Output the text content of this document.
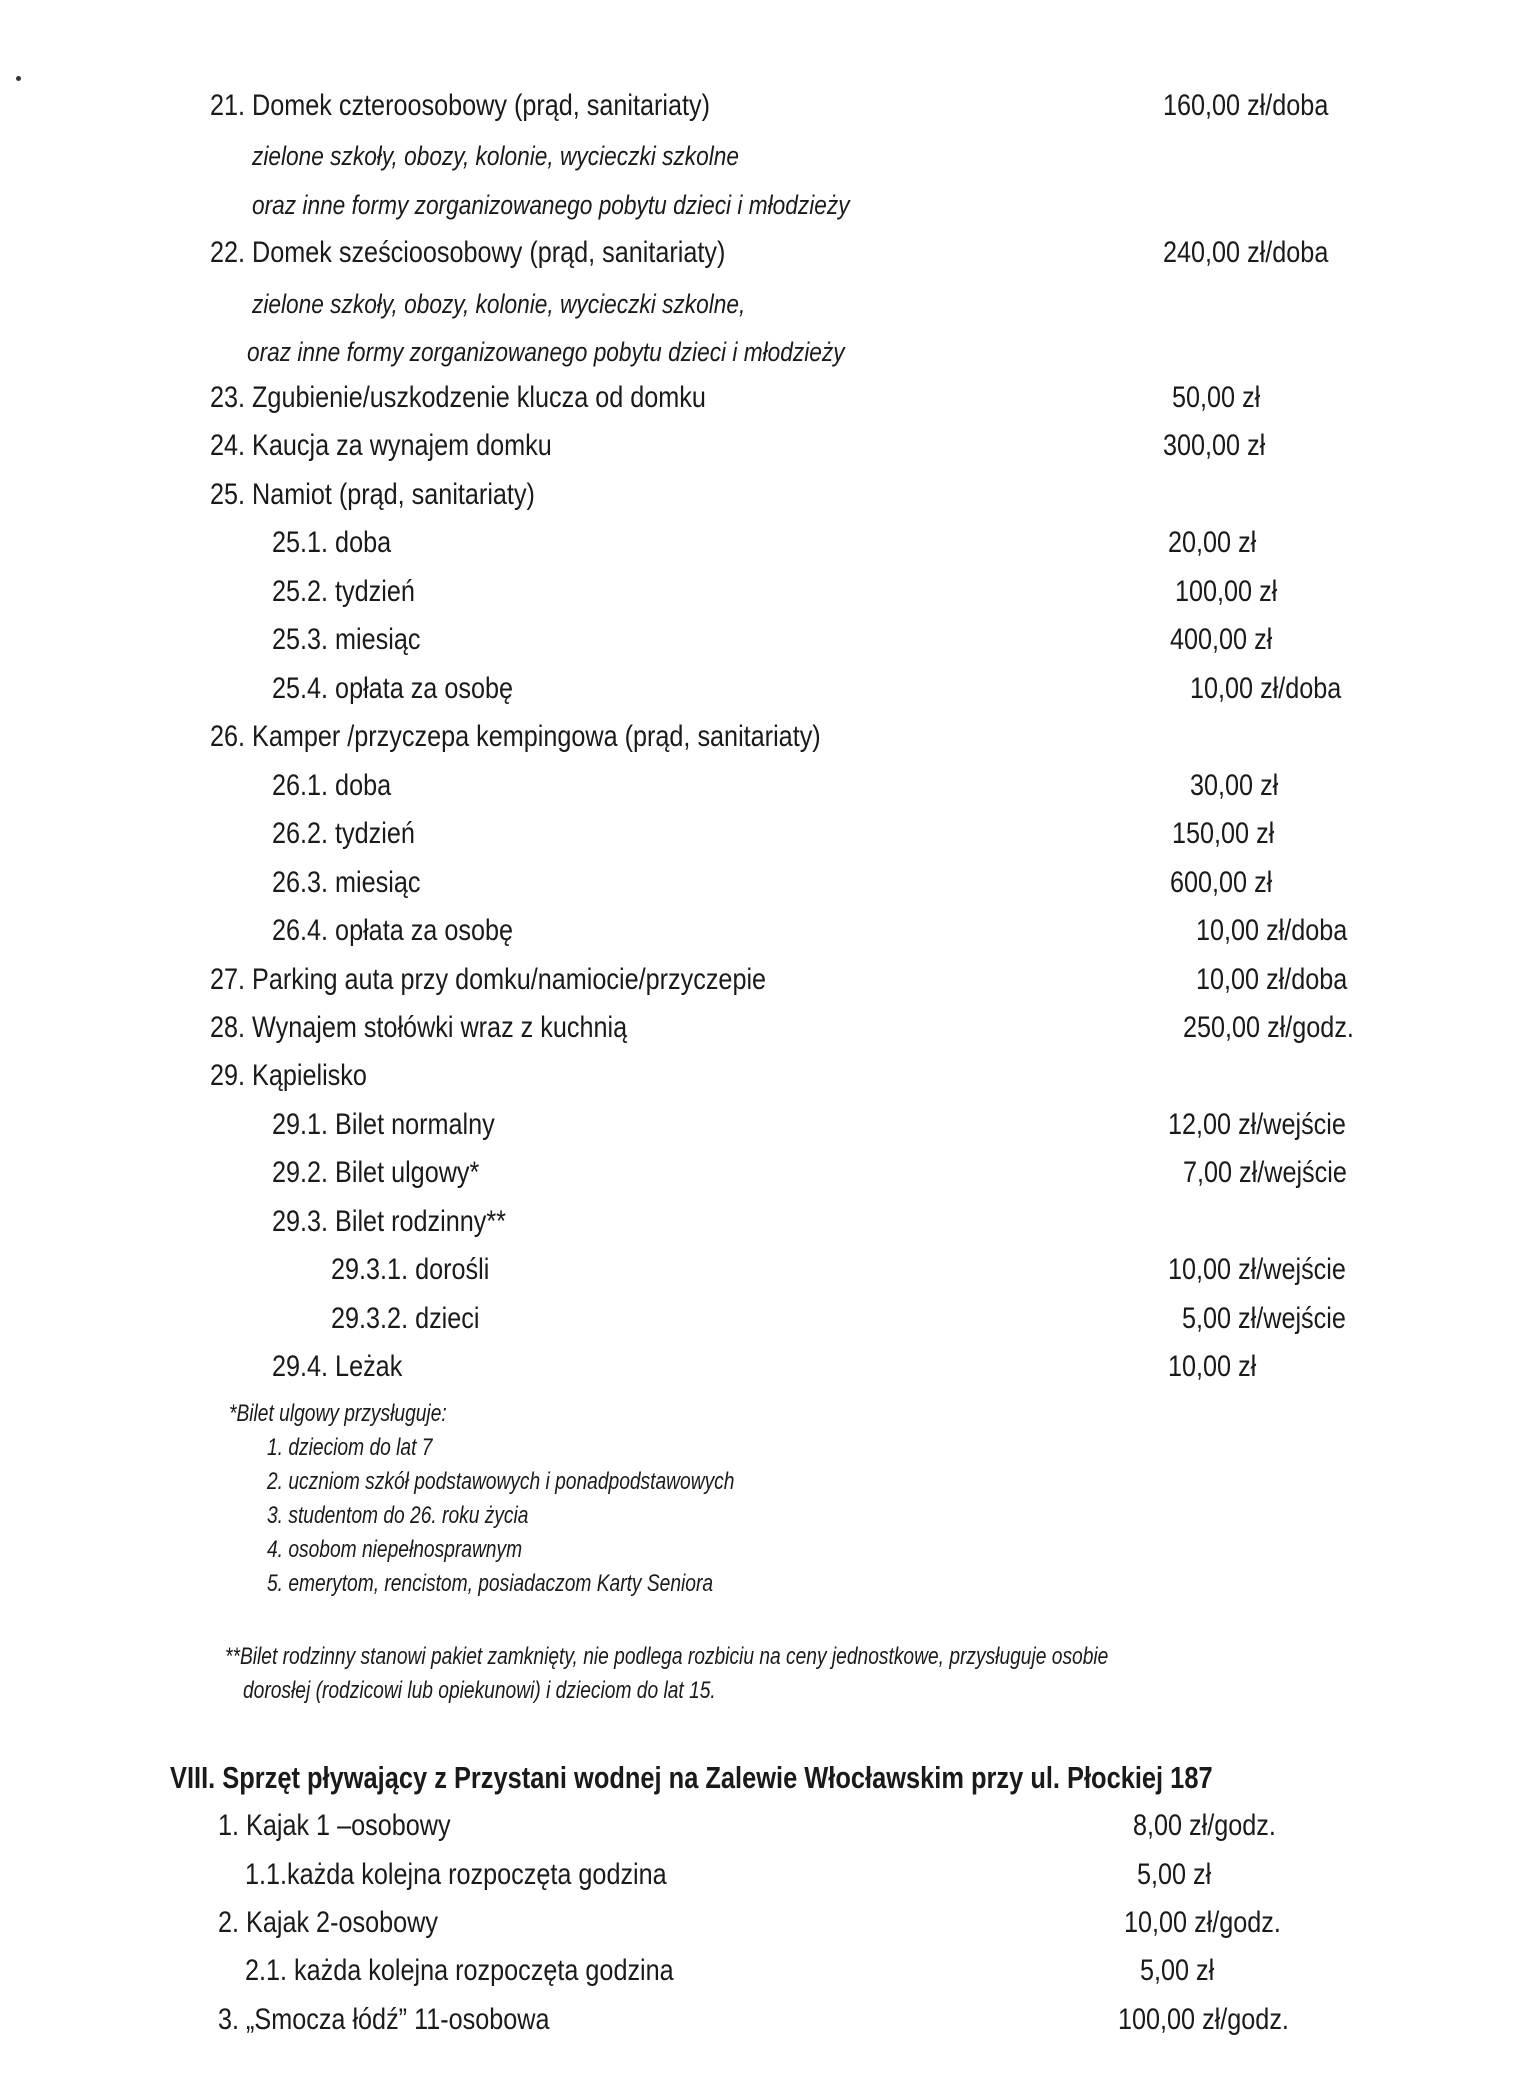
21. Domek czteroosobowy (prąd, sanitariaty)	160,00 zł/doba
zielone szkoły, obozy, kolonie, wycieczki szkolne
oraz inne formy zorganizowanego pobytu dzieci i młodzieży
22. Domek sześcioosobowy (prąd, sanitariaty)	240,00 zł/doba
zielone szkoły, obozy, kolonie, wycieczki szkolne,
oraz inne formy zorganizowanego pobytu dzieci i młodzieży
23. Zgubienie/uszkodzenie klucza od domku	50,00 zł
24. Kaucja za wynajem domku	300,00 zł
25. Namiot (prąd, sanitariaty)
25.1. doba	20,00 zł
25.2. tydzień	100,00 zł
25.3. miesiąc	400,00 zł
25.4. opłata za osobę	10,00 zł/doba
26. Kamper /przyczepa kempingowa (prąd, sanitariaty)
26.1. doba	30,00 zł
26.2. tydzień	150,00 zł
26.3. miesiąc	600,00 zł
26.4. opłata za osobę	10,00 zł/doba
27. Parking auta przy domku/namiocie/przyczepie	10,00 zł/doba
28. Wynajem stołówki wraz z kuchnią	250,00 zł/godz.
29. Kąpielisko
29.1. Bilet normalny	12,00 zł/wejście
29.2. Bilet ulgowy*	7,00 zł/wejście
29.3. Bilet rodzinny**
29.3.1. dorośli	10,00 zł/wejście
29.3.2. dzieci	5,00 zł/wejście
29.4. Leżak	10,00 zł
*Bilet ulgowy przysługuje:
1. dzieciom do lat 7
2. uczniom szkół podstawowych i ponadpodstawowych
3. studentom do 26. roku życia
4. osobom niepełnosprawnym
5. emerytom, rencistom, posiadaczom Karty Seniora
**Bilet rodzinny stanowi pakiet zamknięty, nie podlega rozbiciu na ceny jednostkowe, przysługuje osobie
dorosłej (rodzicowi lub opiekunowi) i dzieciom do lat 15.
VIII. Sprzęt pływający z Przystani wodnej na Zalewie Włocławskim przy ul. Płockiej 187
1. Kajak 1 –osobowy	8,00 zł/godz.
1.1.każda kolejna rozpoczęta godzina	5,00 zł
2. Kajak 2-osobowy	10,00 zł/godz.
2.1. każda kolejna rozpoczęta godzina	5,00 zł
3. „Smocza łódź” 11-osobowa	100,00 zł/godz.
